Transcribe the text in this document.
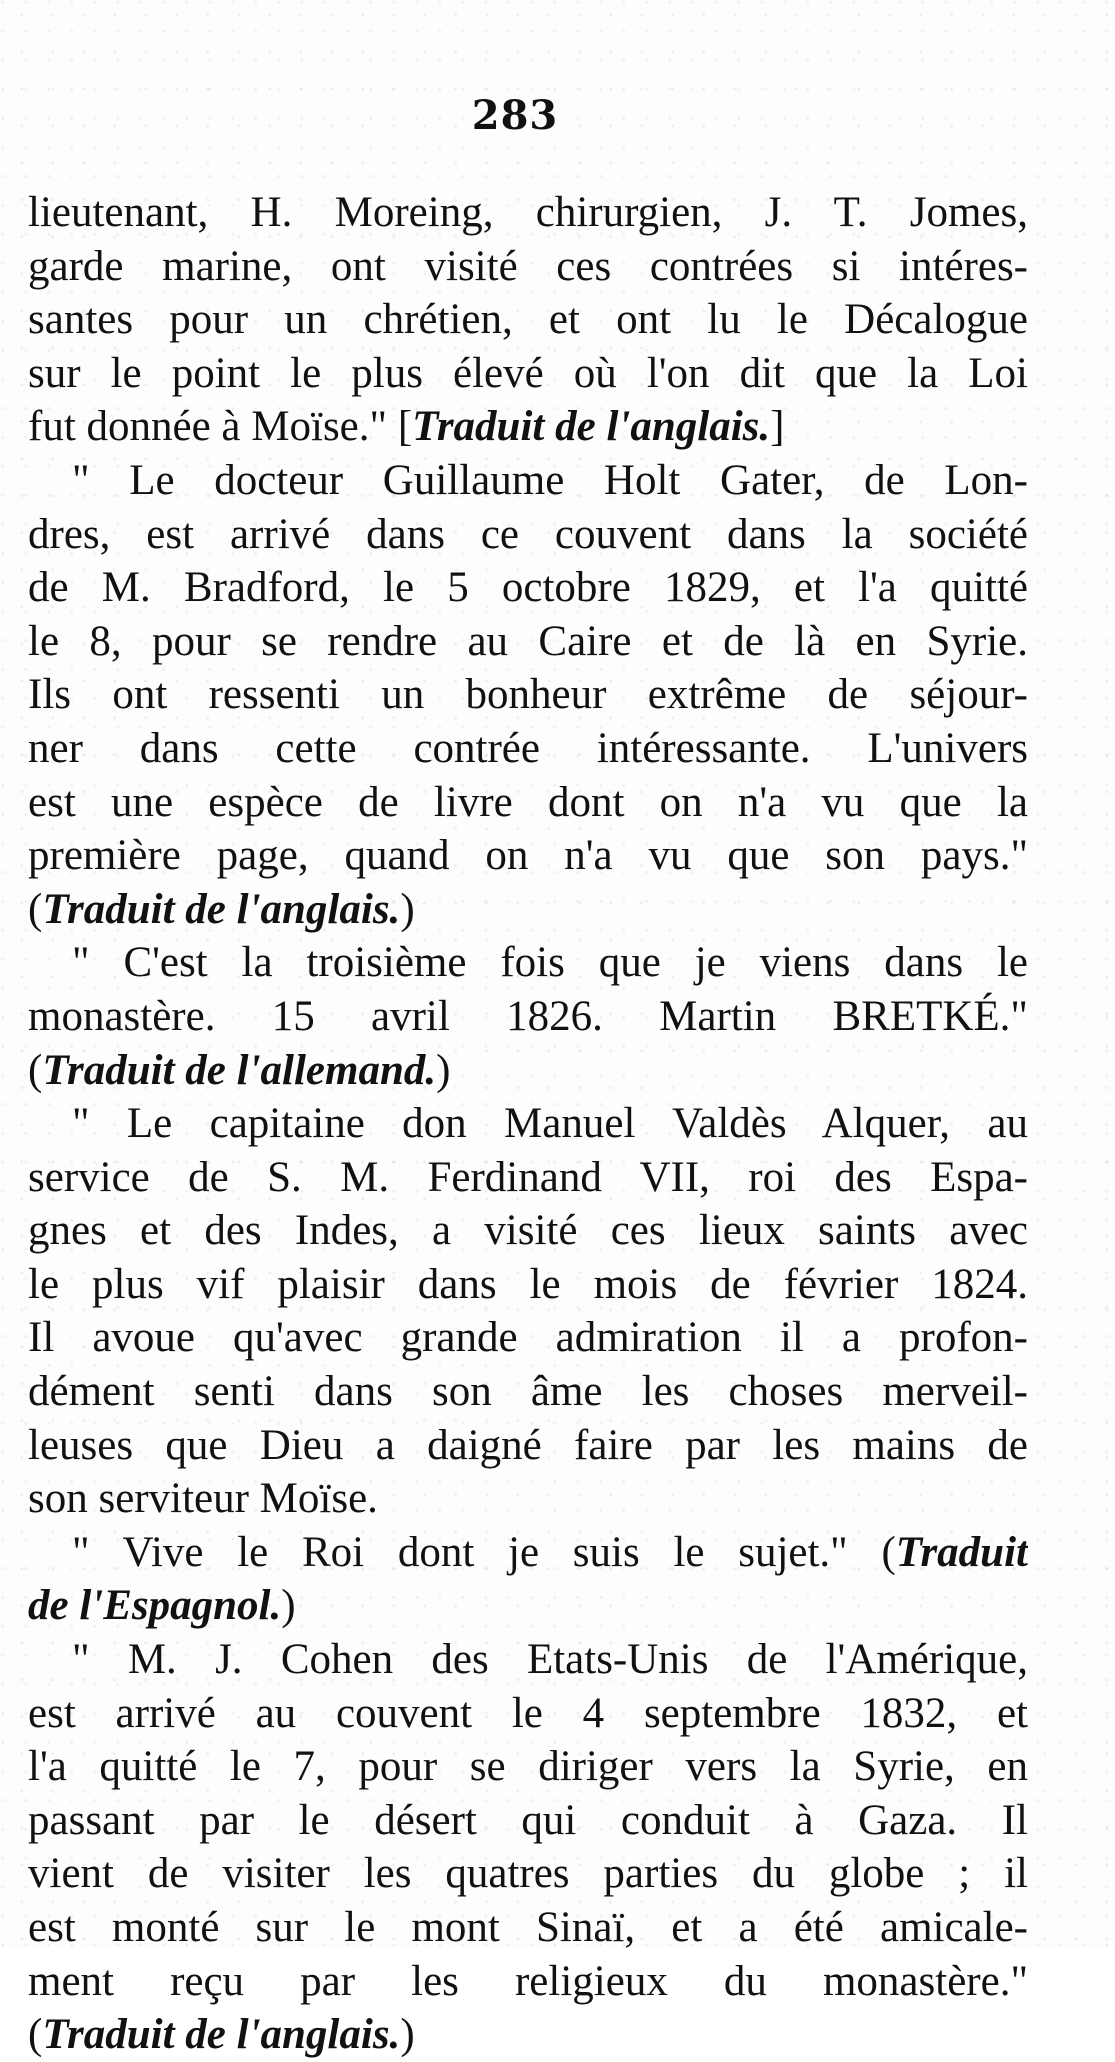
283
lieutenant, H. Moreing, chirurgien, J. T. Jomes,
garde marine, ont visité ces contrées si intéres-
santes pour un chrétien, et ont lu le Décalogue
sur le point le plus élevé où l'on dit que la Loi
fut donnée à Moïse." [Traduit de l'anglais.]
" Le docteur Guillaume Holt Gater, de Lon-
dres, est arrivé dans ce couvent dans la société
de M. Bradford, le 5 octobre 1829, et l'a quitté
le 8, pour se rendre au Caire et de là en Syrie.
Ils ont ressenti un bonheur extrême de séjour-
ner dans cette contrée intéressante. L'univers
est une espèce de livre dont on n'a vu que la
première page, quand on n'a vu que son pays."
(Traduit de l'anglais.)
" C'est la troisième fois que je viens dans le
monastère. 15 avril 1826. Martin BRETKÉ."
(Traduit de l'allemand.)
" Le capitaine don Manuel Valdès Alquer, au
service de S. M. Ferdinand VII, roi des Espa-
gnes et des Indes, a visité ces lieux saints avec
le plus vif plaisir dans le mois de février 1824.
Il avoue qu'avec grande admiration il a profon-
dément senti dans son âme les choses merveil-
leuses que Dieu a daigné faire par les mains de
son serviteur Moïse.
" Vive le Roi dont je suis le sujet." (Traduit
de l'Espagnol.)
" M. J. Cohen des Etats-Unis de l'Amérique,
est arrivé au couvent le 4 septembre 1832, et
l'a quitté le 7, pour se diriger vers la Syrie, en
passant par le désert qui conduit à Gaza. Il
vient de visiter les quatres parties du globe ; il
est monté sur le mont Sinaï, et a été amicale-
ment reçu par les religieux du monastère."
(Traduit de l'anglais.)
